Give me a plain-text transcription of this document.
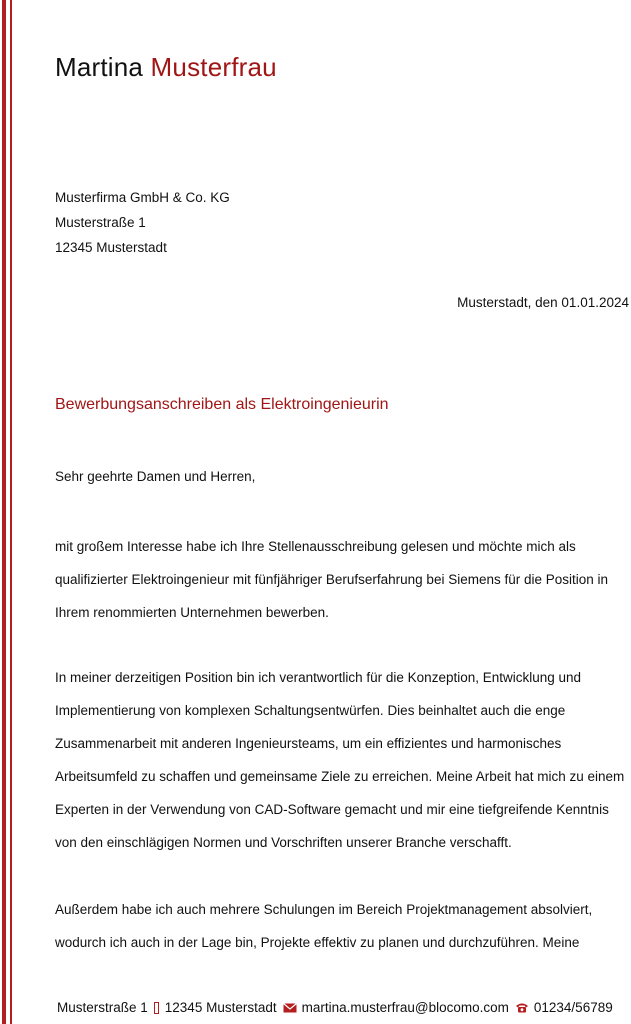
Martina Musterfrau
Musterfirma GmbH & Co. KG
Musterstraße 1
12345 Musterstadt
Musterstadt, den 01.01.2024
Bewerbungsanschreiben als Elektroingenieurin
Sehr geehrte Damen und Herren,
mit großem Interesse habe ich Ihre Stellenausschreibung gelesen und möchte mich als qualifizierter Elektroingenieur mit fünfjähriger Berufserfahrung bei Siemens für die Position in Ihrem renommierten Unternehmen bewerben.
In meiner derzeitigen Position bin ich verantwortlich für die Konzeption, Entwicklung und Implementierung von komplexen Schaltungsentwürfen. Dies beinhaltet auch die enge Zusammenarbeit mit anderen Ingenieursteams, um ein effizientes und harmonisches Arbeitsumfeld zu schaffen und gemeinsame Ziele zu erreichen. Meine Arbeit hat mich zu einem Experten in der Verwendung von CAD-Software gemacht und mir eine tiefgreifende Kenntnis von den einschlägigen Normen und Vorschriften unserer Branche verschafft.
Außerdem habe ich auch mehrere Schulungen im Bereich Projektmanagement absolviert, wodurch ich auch in der Lage bin, Projekte effektiv zu planen und durchzuführen. Meine
Musterstraße 1 12345 Musterstadt martina.musterfrau@blocomo.com 01234/56789
